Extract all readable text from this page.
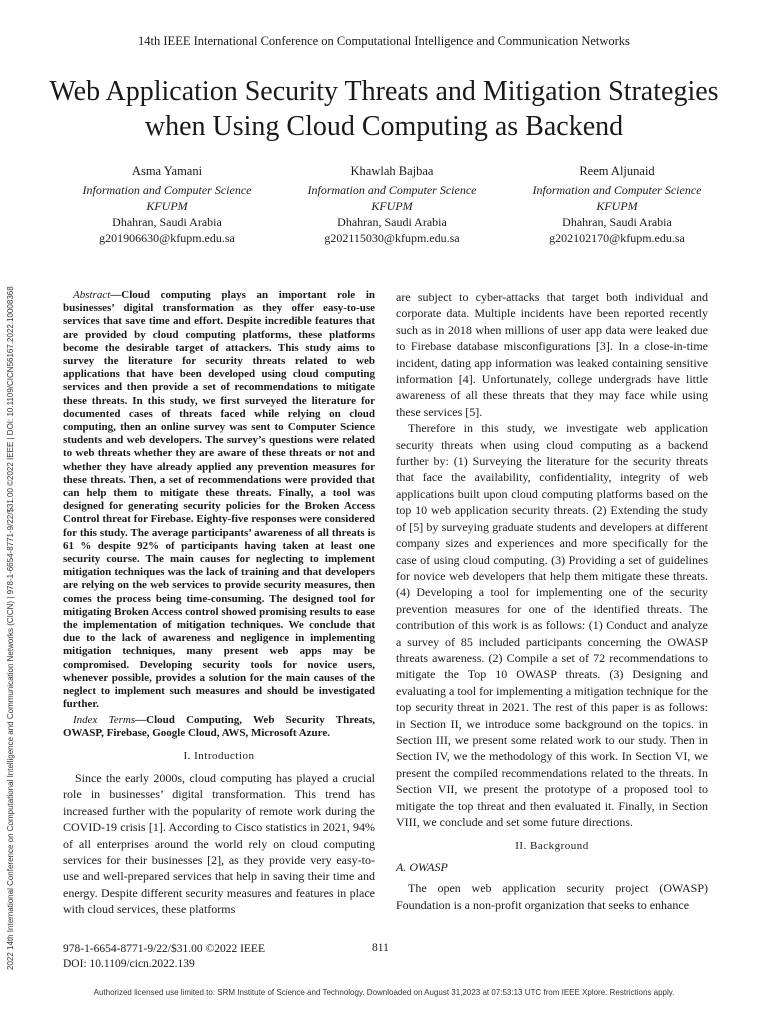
2022 14th International Conference on Computational Intelligence and Communication Networks (CICN) | 978-1-6654-8771-9/22/$31.00 ©2022 IEEE | DOI: 10.1109/CICN56167.2022.10008368
14th IEEE International Conference on Computational Intelligence and Communication Networks
Web Application Security Threats and Mitigation Strategies when Using Cloud Computing as Backend
Asma Yamani
Information and Computer Science
KFUPM
Dhahran, Saudi Arabia
g201906630@kfupm.edu.sa
Khawlah Bajbaa
Information and Computer Science
KFUPM
Dhahran, Saudi Arabia
g202115030@kfupm.edu.sa
Reem Aljunaid
Information and Computer Science
KFUPM
Dhahran, Saudi Arabia
g202102170@kfupm.edu.sa

Abstract—Cloud computing plays an important role in businesses’ digital transformation as they offer easy-to-use services that save time and effort. Despite incredible features that are provided by cloud computing platforms, these platforms become the desirable target of attackers. This study aims to survey the literature for security threats related to web applications that have been developed using cloud computing services and then provide a set of recommendations to mitigate these threats. In this study, we first surveyed the literature for documented cases of threats faced while relying on cloud computing, then an online survey was sent to Computer Science students and web developers. The survey’s questions were related to web threats whether they are aware of these threats or not and whether they have already applied any prevention measures for these threats. Then, a set of recommendations were provided that can help them to mitigate these threats. Finally, a tool was designed for generating security policies for the Broken Access Control threat for Firebase. Eighty-five responses were considered for this study. The average participants’ awareness of all threats is 61 % despite 92% of participants having taken at least one security course. The main causes for neglecting to implement mitigation techniques was the lack of training and that developers are relying on the web services to provide security measures, then comes the process being time-consuming. The designed tool for mitigating Broken Access control showed promising results to ease the implementation of mitigation techniques. We conclude that due to the lack of awareness and negligence in implementing mitigation techniques, many present web apps may be compromised. Developing security tools for novice users, whenever possible, provides a solution for the main causes of the neglect to implement such measures and should be investigated further.

Index Terms—Cloud Computing, Web Security Threats, OWASP, Firebase, Google Cloud, AWS, Microsoft Azure.

I. Introduction

Since the early 2000s, cloud computing has played a crucial role in businesses’ digital transformation. This trend has increased further with the popularity of remote work during the COVID-19 crisis [1]. According to Cisco statistics in 2021, 94% of all enterprises around the world rely on cloud computing services for their businesses [2], as they provide very easy-to-use and well-prepared services that help in saving their time and energy. Despite different security measures and features in place with cloud services, these platforms

are subject to cyber-attacks that target both individual and corporate data. Multiple incidents have been reported recently such as in 2018 when millions of user app data were leaked due to Firebase database misconfigurations [3]. In a close-in-time incident, dating app information was leaked containing sensitive information [4]. Unfortunately, college undergrads have little awareness of all these threats that they may face while using these services [5].

Therefore in this study, we investigate web application security threats when using cloud computing as a backend further by: (1) Surveying the literature for the security threats that face the availability, confidentiality, integrity of web applications built upon cloud computing platforms based on the top 10 web application security threats. (2) Extending the study of [5] by surveying graduate students and developers at different company sizes and experiences and more specifically for the case of using cloud computing. (3) Providing a set of guidelines for novice web developers that help them mitigate these threats. (4) Developing a tool for implementing one of the security prevention measures for one of the identified threats. The contribution of this work is as follows: (1) Conduct and analyze a survey of 85 included participants concerning the OWASP threats awareness. (2) Compile a set of 72 recommendations to mitigate the Top 10 OWASP threats. (3) Designing and evaluating a tool for implementing a mitigation technique for the top security threat in 2021. The rest of this paper is as follows: in Section II, we introduce some background on the topics. in Section III, we present some related work to our study. Then in Section IV, we the methodology of this work. In Section VI, we present the compiled recommendations related to the threats. In Section VII, we present the prototype of a proposed tool to mitigate the top threat and then evaluated it. Finally, in Section VIII, we conclude and set some future directions.

II. Background
A. OWASP

The open web application security project (OWASP) Foundation is a non-profit organization that seeks to enhance

978-1-6654-8771-9/22/$31.00 ©2022 IEEE
DOI: 10.1109/cicn.2022.139
811
Authorized licensed use limited to: SRM Institute of Science and Technology. Downloaded on August 31,2023 at 07:53:13 UTC from IEEE Xplore. Restrictions apply.
